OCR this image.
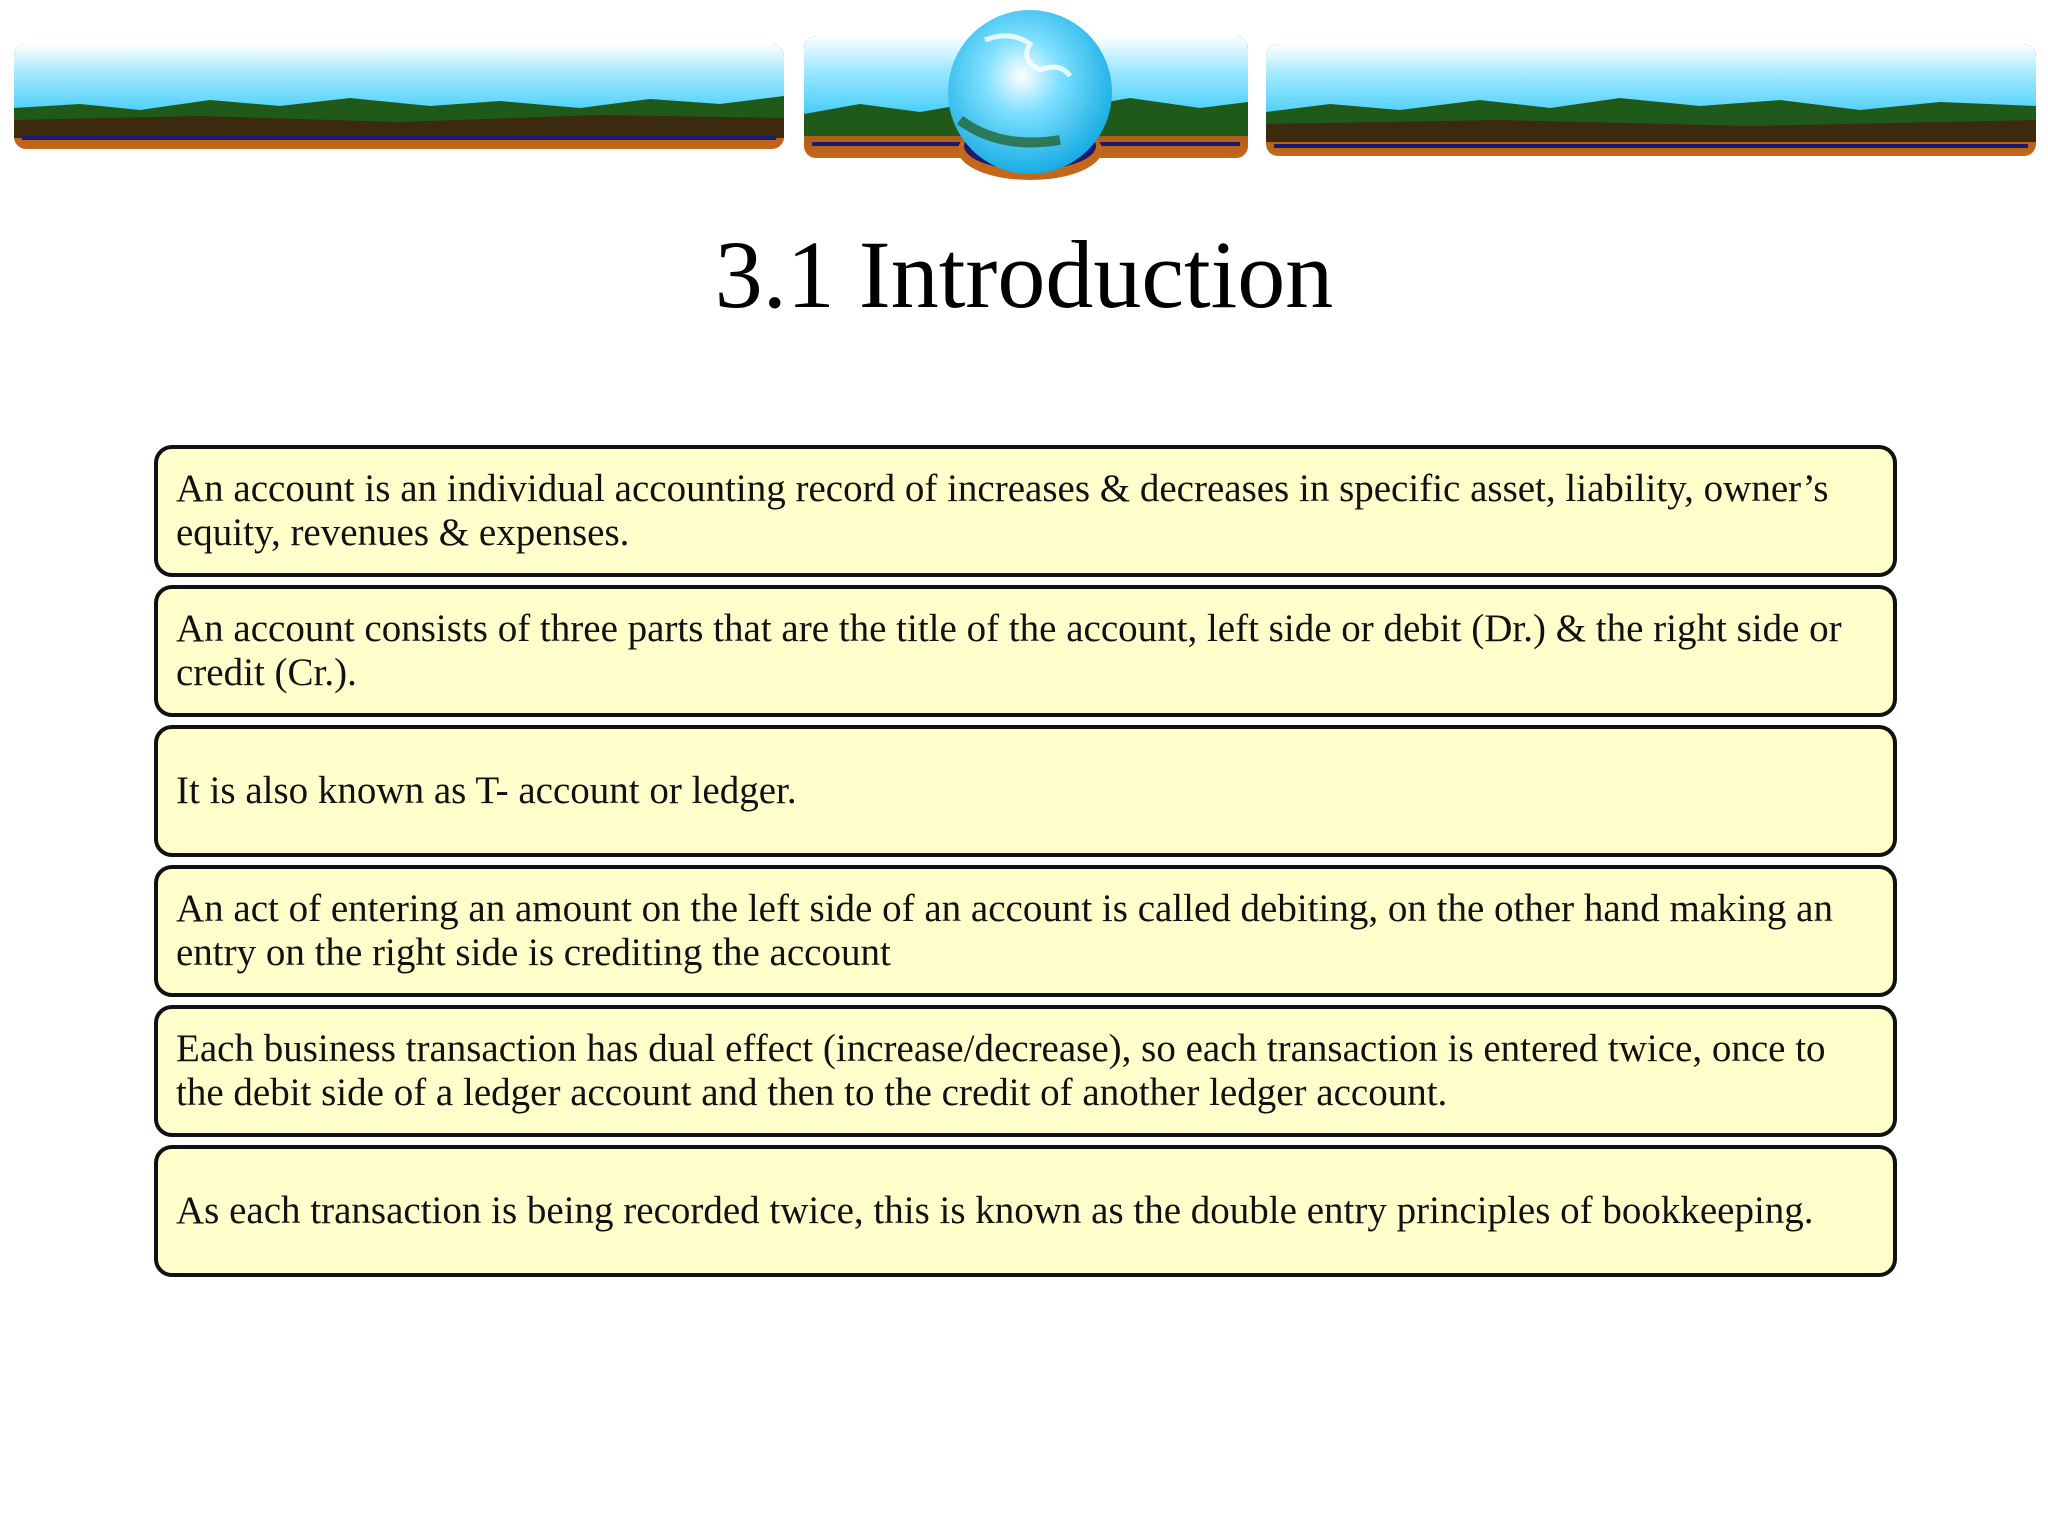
3.1 Introduction
An account is an individual accounting record of increases & decreases in specific asset, liability, owner’s equity, revenues & expenses.
An account consists of three parts that are the title of the account, left side or debit (Dr.) & the right side or credit (Cr.).
It is also known as T- account or ledger.
An act of entering an amount on the left side of an account is called debiting, on the other hand making an entry on the right side is crediting the account
Each business transaction has dual effect (increase/decrease), so each transaction is entered twice, once to the debit side of a ledger account and then to the credit of another ledger account.
As each transaction is being recorded twice, this is known as the double entry principles of bookkeeping.
